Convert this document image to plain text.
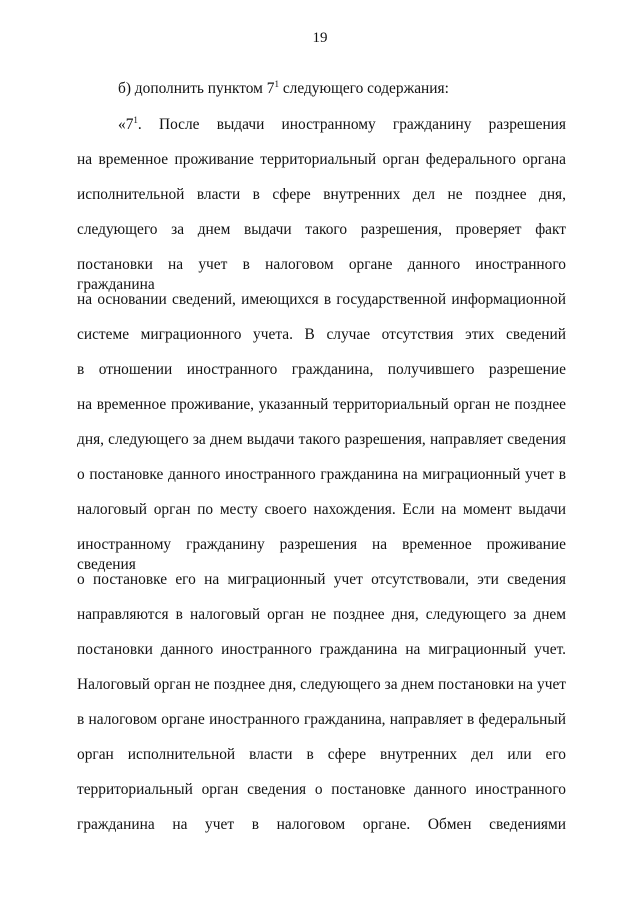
19
б) дополнить пунктом $7^1$ следующего содержания:
«$7^1$. После выдачи иностранному гражданину разрешения
на временное проживание территориальный орган федерального органа
исполнительной власти в сфере внутренних дел не позднее дня,
следующего за днем выдачи такого разрешения, проверяет факт
постановки на учет в налоговом органе данного иностранного гражданина
на основании сведений, имеющихся в государственной информационной
системе миграционного учета. В случае отсутствия этих сведений
в отношении иностранного гражданина, получившего разрешение
на временное проживание, указанный территориальный орган не позднее
дня, следующего за днем выдачи такого разрешения, направляет сведения
о постановке данного иностранного гражданина на миграционный учет в
налоговый орган по месту своего нахождения. Если на момент выдачи
иностранному гражданину разрешения на временное проживание сведения
о постановке его на миграционный учет отсутствовали, эти сведения
направляются в налоговый орган не позднее дня, следующего за днем
постановки данного иностранного гражданина на миграционный учет.
Налоговый орган не позднее дня, следующего за днем постановки на учет
в налоговом органе иностранного гражданина, направляет в федеральный
орган исполнительной власти в сфере внутренних дел или его
территориальный орган сведения о постановке данного иностранного
гражданина на учет в налоговом органе. Обмен сведениями
